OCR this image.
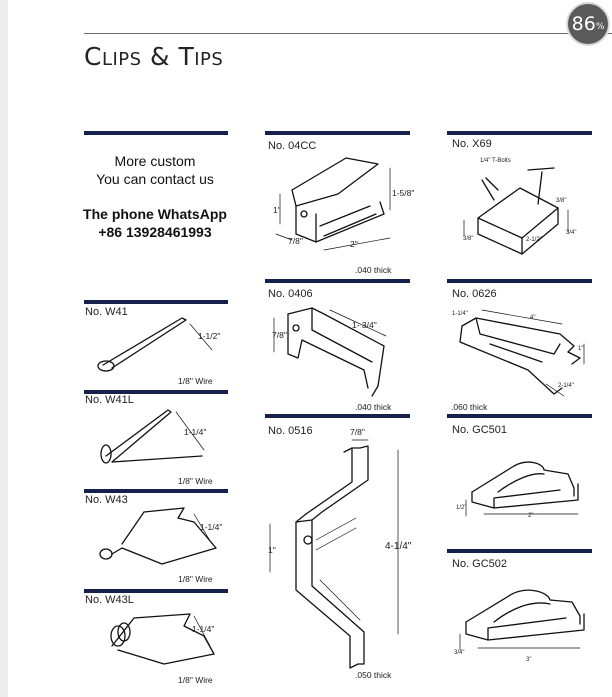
Clips & Tips
86 %
More custom
You can contact us
The phone WhatsApp
+86 13928461993
No. W41
1-1/2"
1/8" Wire
No. W41L
1-1/4"
1/8" Wire
No. W43
1-1/4"
1/8" Wire
No. W43L
1-1/4"
1/8" Wire
No. 04CC
1-5/8"
1"
7/8"	2"
.040 thick
No. 0406
1- 3/4"
7/8"
.040 thick
No. 0516	7/8"
4-1/4"
1"
.050 thick
No. X69
1/4" T-Bolts
3/8"
3/8"	2-1/2"
3/4"
No. 0626
1-1/4"
4"
1"
2-1/4"
.060 thick
No. GC501
1/2"
2"
No. GC502
3/4"
3"
